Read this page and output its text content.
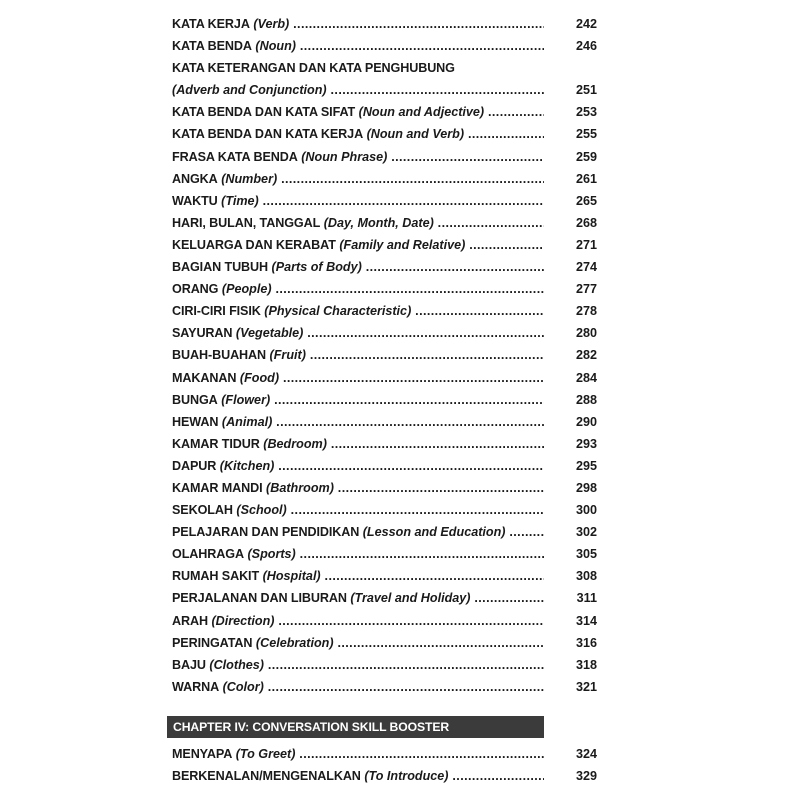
KATA KERJA (Verb) .....	242
KATA BENDA (Noun) .....	246
KATA KETERANGAN DAN KATA PENGHUBUNG
(Adverb and Conjunction) .....	251
KATA BENDA DAN KATA SIFAT (Noun and Adjective) .....	253
KATA BENDA DAN KATA KERJA (Noun and Verb) .....	255
FRASA KATA BENDA (Noun Phrase) .....	259
ANGKA (Number) .....	261
WAKTU (Time) .....	265
HARI, BULAN, TANGGAL (Day, Month, Date) .....	268
KELUARGA DAN KERABAT (Family and Relative) .....	271
BAGIAN TUBUH (Parts of Body) .....	274
ORANG (People) .....	277
CIRI-CIRI FISIK (Physical Characteristic) .....	278
SAYURAN (Vegetable) .....	280
BUAH-BUAHAN (Fruit) .....	282
MAKANAN (Food) .....	284
BUNGA (Flower) .....	288
HEWAN (Animal) .....	290
KAMAR TIDUR (Bedroom) .....	293
DAPUR (Kitchen) .....	295
KAMAR MANDI (Bathroom) .....	298
SEKOLAH (School) .....	300
PELAJARAN DAN PENDIDIKAN (Lesson and Education) .....	302
OLAHRAGA (Sports) .....	305
RUMAH SAKIT (Hospital) .....	308
PERJALANAN DAN LIBURAN (Travel and Holiday) .....	311
ARAH (Direction) .....	314
PERINGATAN (Celebration) .....	316
BAJU (Clothes) .....	318
WARNA (Color) .....	321
CHAPTER IV: CONVERSATION SKILL BOOSTER
MENYAPA (To Greet) .....	324
BERKENALAN/MENGENALKAN (To Introduce) .....	329
